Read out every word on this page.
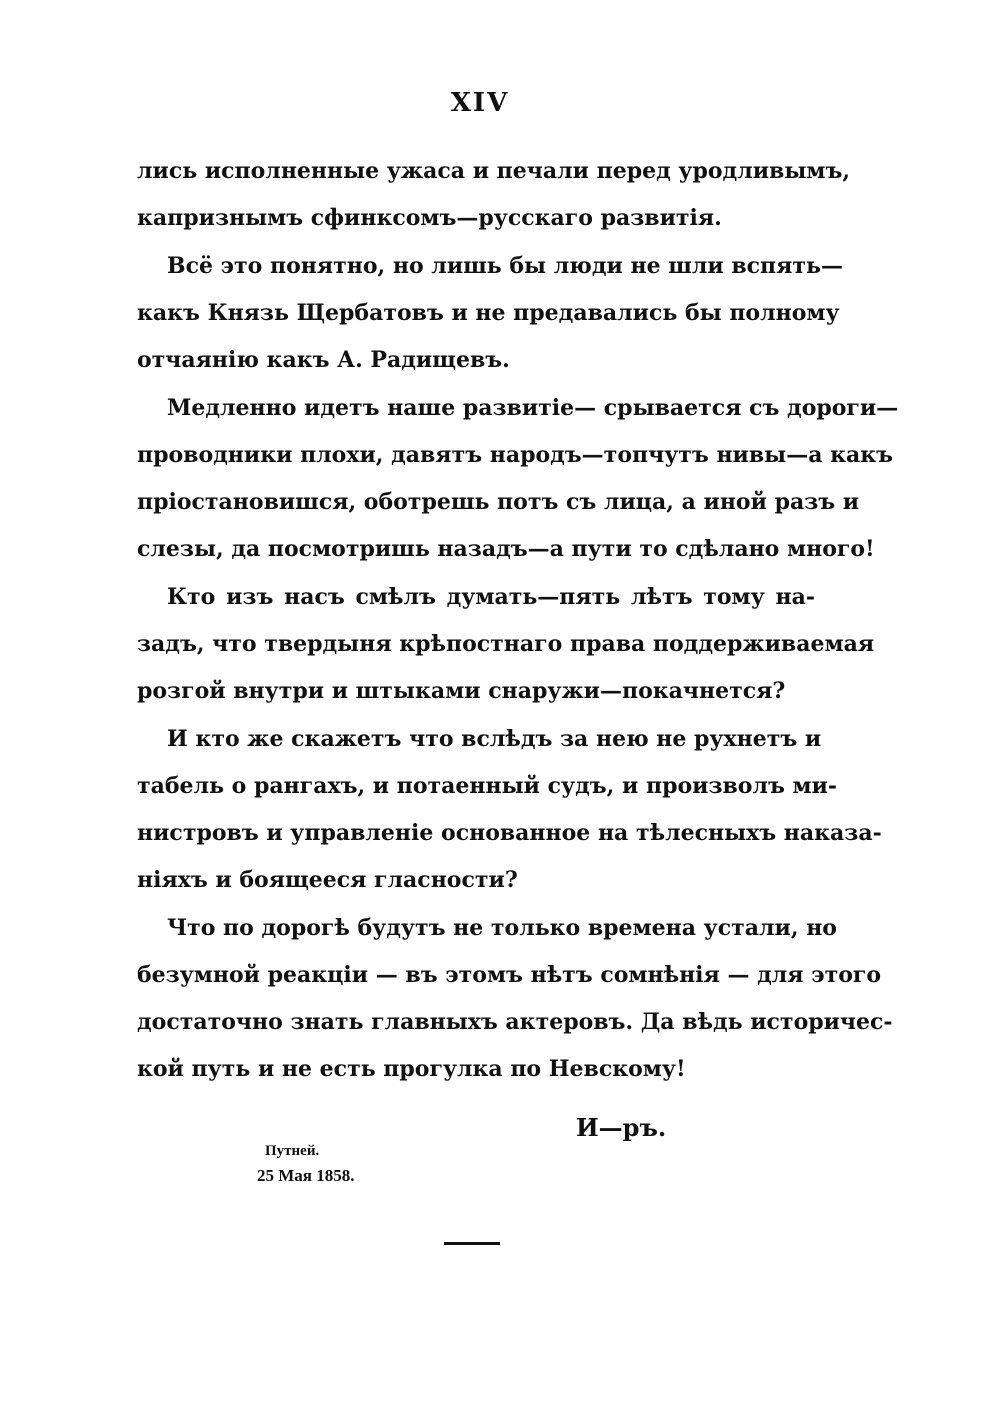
XIV
лись исполненные ужаса и печали перед уродливымъ,
капризнымъ сфинксомъ—русскаго развитія.
Всё это понятно, но лишь бы люди не шли вспять—
какъ Князь Щербатовъ и не предавались бы полному
отчаянію какъ А. Радищевъ.
Медленно идетъ наше развитіе— срывается съ дороги—
проводники плохи, давятъ народъ—топчутъ нивы—а какъ
пріостановишся, оботрешь потъ съ лица, а иной разъ и
слезы, да посмотришь назадъ—а пути то сдѣлано много!
Кто изъ насъ смѣлъ думать—пять лѣтъ тому на-
задъ, что твердыня крѣпостнаго права поддерживаемая
розгой внутри и штыками снаружи—покачнется?
И кто же скажетъ что вслѣдъ за нею не рухнетъ и
табель о рангахъ, и потаенный судъ, и произволъ ми-
нистровъ и управленіе основанное на тѣлесныхъ наказа-
ніяхъ и боящееся гласности?
Что по дорогѣ будутъ не только времена устали, но
безумной реакціи — въ этомъ нѣтъ сомнѣнія — для этого
достаточно знать главныхъ актеровъ. Да вѣдь историчес-
кой путь и не есть прогулка по Невскому!
И—ръ.
Путней.
25 Мая 1858.
